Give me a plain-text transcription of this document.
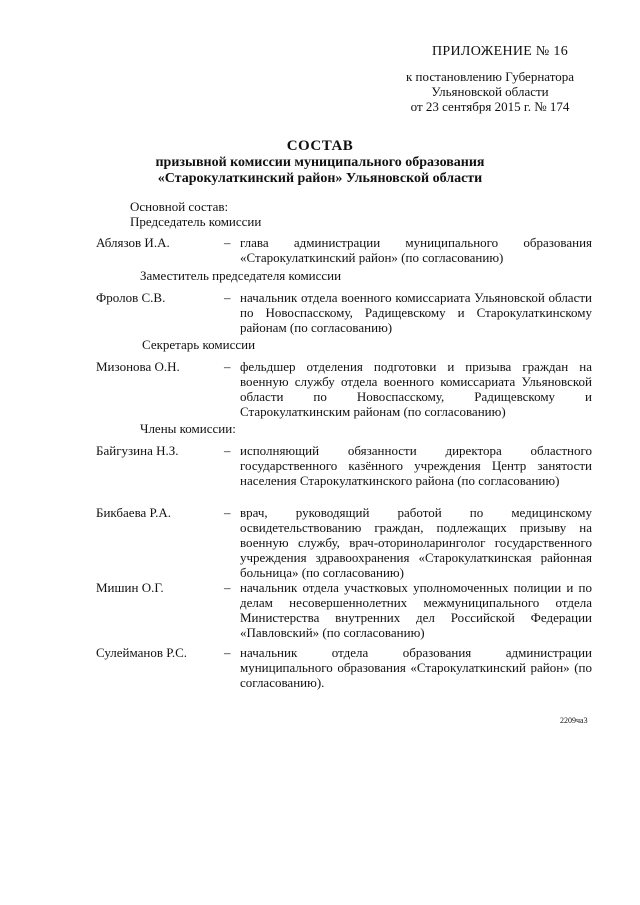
ПРИЛОЖЕНИЕ № 16
к постановлению Губернатора
Ульяновской области
от 23 сентября 2015 г. № 174
СОСТАВ
призывной комиссии муниципального образования
«Старокулаткинский район» Ульяновской области
Основной состав:
Председатель комиссии
Аблязов И.А.	– глава администрации муниципального образования «Старокулаткинский район» (по согласованию)
Заместитель председателя комиссии
Фролов С.В.	– начальник отдела военного комиссариата Ульяновской области по Новоспасскому, Радищевскому и Старокулаткинскому районам (по согласованию)
Секретарь комиссии
Мизонова О.Н.	– фельдшер отделения подготовки и призыва граждан на военную службу отдела военного комиссариата Ульяновской области по Новоспасскому, Радищевскому и Старокулаткинским районам (по согласованию)
Члены комиссии:
Байгузина Н.З.	– исполняющий обязанности директора областного государственного казённого учреждения Центр занятости населения Старокулаткинского района (по согласованию)
Бикбаева Р.А.	– врач, руководящий работой по медицинскому освидетельствованию граждан, подлежащих призыву на военную службу, врач-оториноларинголог государственного учреждения здравоохранения «Старокулаткинская районная больница» (по согласованию)
Мишин О.Г.	– начальник отдела участковых уполномоченных полиции и по делам несовершеннолетних межмуниципального отдела Министерства внутренних дел Российской Федерации «Павловский» (по согласованию)
Сулейманов Р.С.	– начальник отдела образования администрации муниципального образования «Старокулаткинский район» (по согласованию).
2209ча3
